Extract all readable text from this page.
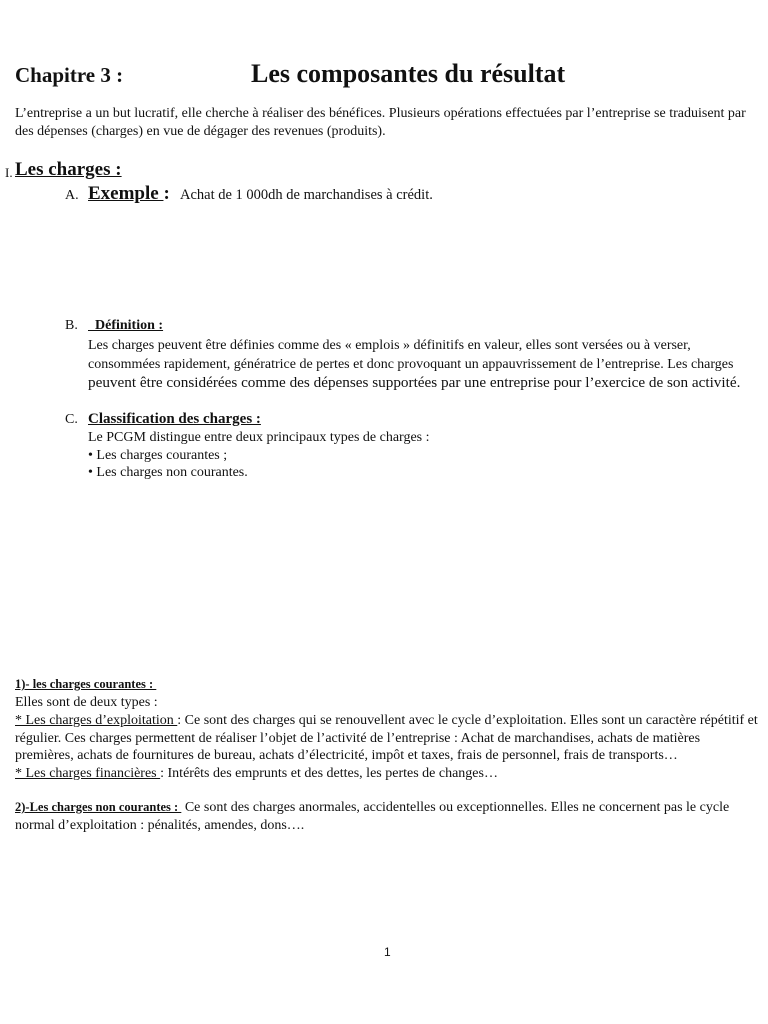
Chapitre 3 :	Les composantes du résultat
L’entreprise a un but lucratif, elle cherche à réaliser des bénéfices. Plusieurs opérations effectuées par l’entreprise se traduisent par des dépenses (charges) en vue de dégager des revenues (produits).
I. Les charges :
A. Exemple : Achat de 1 000dh de marchandises à crédit.
B. Définition :
Les charges peuvent être définies comme des « emplois » définitifs en valeur, elles sont versées ou à verser, consommées rapidement, génératrice de pertes et donc provoquant un appauvrissement de l’entreprise. Les charges peuvent être considérées comme des dépenses supportées par une entreprise pour l’exercice de son activité.
C. Classification des charges :
Le PCGM distingue entre deux principaux types de charges :
• Les charges courantes ;
• Les charges non courantes.
1)- les charges courantes :
Elles sont de deux types :
* Les charges d’exploitation : Ce sont des charges qui se renouvellent avec le cycle d’exploitation. Elles sont un caractère répétitif et régulier. Ces charges permettent de réaliser l’objet de l’activité de l’entreprise : Achat de marchandises, achats de matières premières, achats de fournitures de bureau, achats d’électricité, impôt et taxes, frais de personnel, frais de transports…
* Les charges financières : Intérêts des emprunts et des dettes, les pertes de changes…
2)-Les charges non courantes :  Ce sont des charges anormales, accidentelles ou exceptionnelles. Elles ne concernent pas le cycle normal d’exploitation : pénalités, amendes, dons….
1
